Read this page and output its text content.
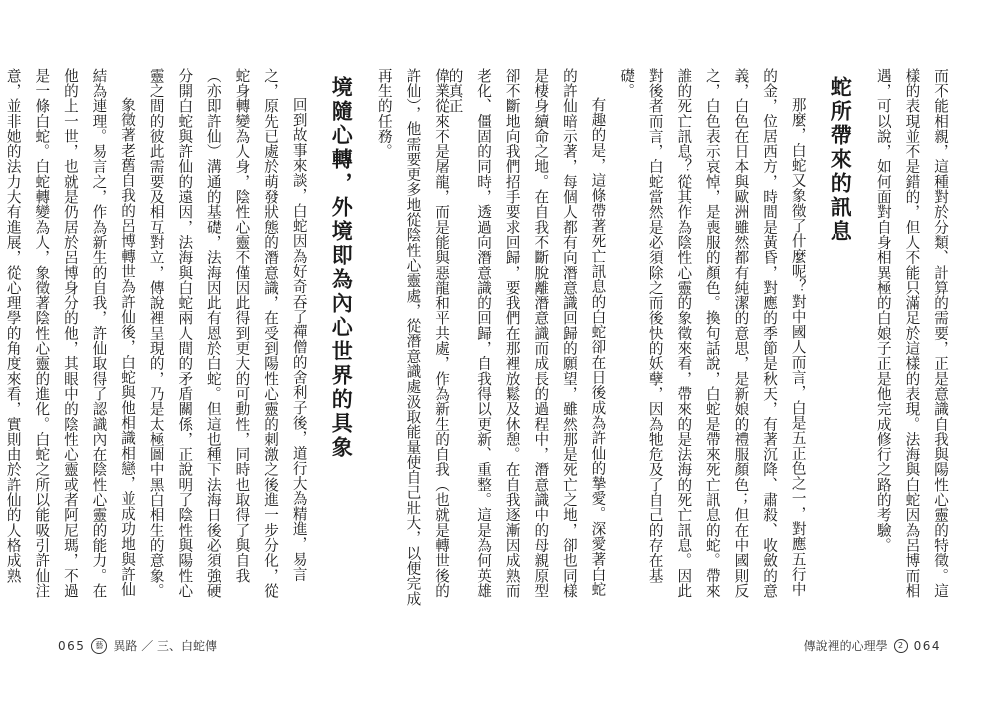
而不能相親，這種對於分類、計算的需要，正是意識自我與陽性心靈的特徵。這樣的表現並不是錯的，但人不能只滿足於這樣的表現。法海與白蛇因為呂博而相遇，可以說，如何面對自身相異極的白娘子正是他完成修行之路的考驗。

蛇所帶來的訊息

那麼，白蛇又象徵了什麼呢？對中國人而言，白是五正色之一，對應五行中的金，位居西方，時間是黃昏，對應的季節是秋天，有著沉降、肅殺、收斂的意義，白色在日本與歐洲雖然都有純潔的意思，是新娘的禮服顏色；但在中國則反之，白色表示哀悼，是喪服的顏色。換句話說，白蛇是帶來死亡訊息的蛇。帶來誰的死亡訊息？從其作為陰性心靈的象徵來看，帶來的是法海的死亡訊息。因此對後者而言，白蛇當然是必須除之而後快的妖孽，因為牠危及了自己的存在基礎。

有趣的是，這條帶著死亡訊息的白蛇卻在日後成為許仙的摯愛。深愛著白蛇的許仙暗示著，每個人都有向潛意識回歸的願望，雖然那是死亡之地，卻也同樣是棲身續命之地。在自我不斷脫離潛意識而成長的過程中，潛意識中的母親原型卻不斷地向我們招手要求回歸，要我們在那裡放鬆及休憩。在自我逐漸因成熟而老化、僵固的同時，透過向潛意識的回歸，自我得以更新、重整。這是為何英雄的真正

傳說裡的心理學	2 064

偉業從來不是屠龍，而是能與惡龍和平共處，作為新生的自我（也就是轉世後的許仙），他需要更多地從陰性心靈處，從潛意識處汲取能量使自己壯大，以便完成再生的任務。

境隨心轉，外境即為內心世界的具象

回到故事來談，白蛇因為好奇吞了禪僧的舍利子後，道行大為精進，易言之，原先已處於萌發狀態的潛意識，在受到陽性心靈的刺激之後進一步分化，從蛇身轉變為人身，陰性心靈不僅因此得到更大的可動性，同時也取得了與自我（亦即許仙）溝通的基礎，法海因此有恩於白蛇。但這也種下法海日後必須強硬分開白蛇與許仙的遠因，法海與白蛇兩人間的矛盾關係，正說明了陰性與陽性心靈之間的彼此需要及相互對立，傳說裡呈現的，乃是太極圖中黑白相生的意象。

象徵著老舊自我的呂博轉世為許仙後，白蛇與他相識相戀，並成功地與許仙結為連理。易言之，作為新生的自我，許仙取得了認識內在陰性心靈的能力。在他的上一世，也就是仍居於呂博身分的他，其眼中的陰性心靈或者阿尼瑪，不過是一條白蛇。白蛇轉變為人，象徵著陰性心靈的進化。白蛇之所以能吸引許仙注意，並非她的法力大有進展，從心理學的角度來看，實則由於許仙的人格成熟

065	藝 異路 ／ 三、白蛇傳
